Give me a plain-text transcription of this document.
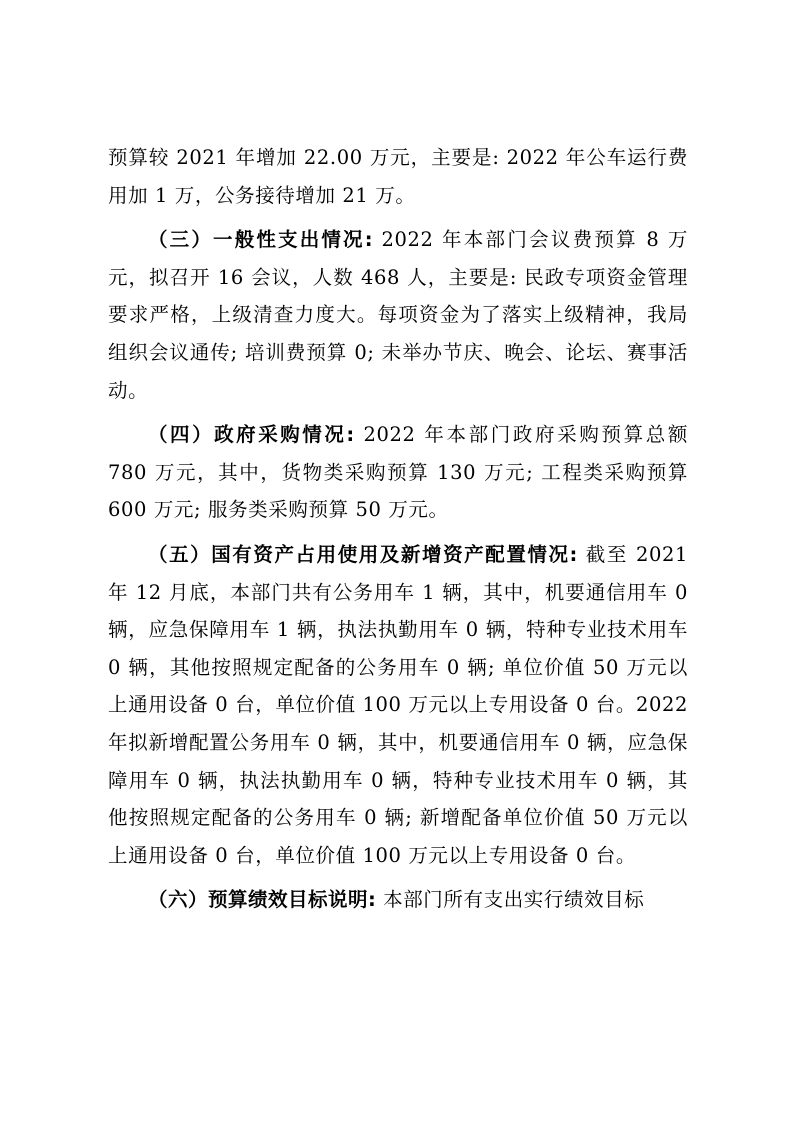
预算较 2021 年增加 22.00 万元，主要是: 2022 年公车运行费用加 1 万，公务接待增加 21 万。

（三）一般性支出情况: 2022 年本部门会议费预算 8 万元，拟召开 16 会议，人数 468 人，主要是: 民政专项资金管理要求严格，上级清查力度大。每项资金为了落实上级精神，我局组织会议通传; 培训费预算 0; 未举办节庆、晚会、论坛、赛事活动。

（四）政府采购情况: 2022 年本部门政府采购预算总额 780 万元，其中，货物类采购预算 130 万元; 工程类采购预算 600 万元; 服务类采购预算 50 万元。

（五）国有资产占用使用及新增资产配置情况: 截至 2021 年 12 月底，本部门共有公务用车 1 辆，其中，机要通信用车 0 辆，应急保障用车 1 辆，执法执勤用车 0 辆，特种专业技术用车 0 辆，其他按照规定配备的公务用车 0 辆; 单位价值 50 万元以上通用设备 0 台，单位价值 100 万元以上专用设备 0 台。2022 年拟新增配置公务用车 0 辆，其中，机要通信用车 0 辆，应急保障用车 0 辆，执法执勤用车 0 辆，特种专业技术用车 0 辆，其他按照规定配备的公务用车 0 辆; 新增配备单位价值 50 万元以上通用设备 0 台，单位价值 100 万元以上专用设备 0 台。

（六）预算绩效目标说明: 本部门所有支出实行绩效目标
